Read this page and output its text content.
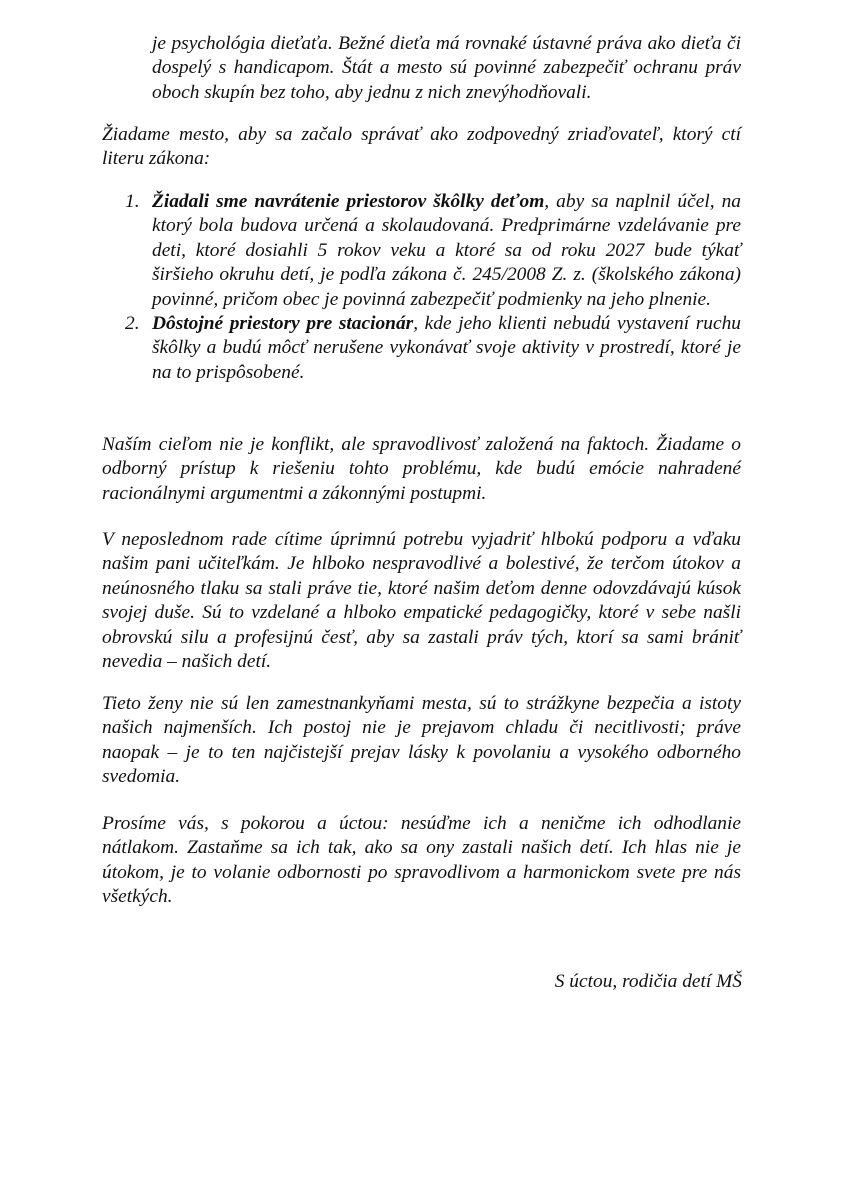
je psychológia dieťaťa. Bežné dieťa má rovnaké ústavné práva ako dieťa či dospelý s handicapom. Štát a mesto sú povinné zabezpečiť ochranu práv oboch skupín bez toho, aby jednu z nich znevýhodňovali.

Žiadame mesto, aby sa začalo správať ako zodpovedný zriaďovateľ, ktorý ctí literu zákona:

1. Žiadali sme navrátenie priestorov škôlky deťom, aby sa naplnil účel, na ktorý bola budova určená a skolaudovaná. Predprimárne vzdelávanie pre deti, ktoré dosiahli 5 rokov veku a ktoré sa od roku 2027 bude týkať širšieho okruhu detí, je podľa zákona č. 245/2008 Z. z. (školského zákona) povinné, pričom obec je povinná zabezpečiť podmienky na jeho plnenie.
2. Dôstojné priestory pre stacionár, kde jeho klienti nebudú vystavení ruchu škôlky a budú môcť nerušene vykonávať svoje aktivity v prostredí, ktoré je na to prispôsobené.

Naším cieľom nie je konflikt, ale spravodlivosť založená na faktoch. Žiadame o odborný prístup k riešeniu tohto problému, kde budú emócie nahradené racionálnymi argumentmi a zákonnými postupmi.

V neposlednom rade cítime úprimnú potrebu vyjadriť hlbokú podporu a vďaku našim pani učiteľkám. Je hlboko nespravodlivé a bolestivé, že terčom útokov a neúnosného tlaku sa stali práve tie, ktoré našim deťom denne odovzdávajú kúsok svojej duše. Sú to vzdelané a hlboko empatické pedagogičky, ktoré v sebe našli obrovskú silu a profesijnú česť, aby sa zastali práv tých, ktorí sa sami brániť nevedia – našich detí.

Tieto ženy nie sú len zamestnankyňami mesta, sú to strážkyne bezpečia a istoty našich najmenších. Ich postoj nie je prejavom chladu či necitlivosti; práve naopak – je to ten najčistejší prejav lásky k povolaniu a vysokého odborného svedomia.

Prosíme vás, s pokorou a úctou: nesúďme ich a neničme ich odhodlanie nátlakom. Zastaňme sa ich tak, ako sa ony zastali našich detí. Ich hlas nie je útokom, je to volanie odbornosti po spravodlivom a harmonickom svete pre nás všetkých.

S úctou, rodičia detí MŠ
